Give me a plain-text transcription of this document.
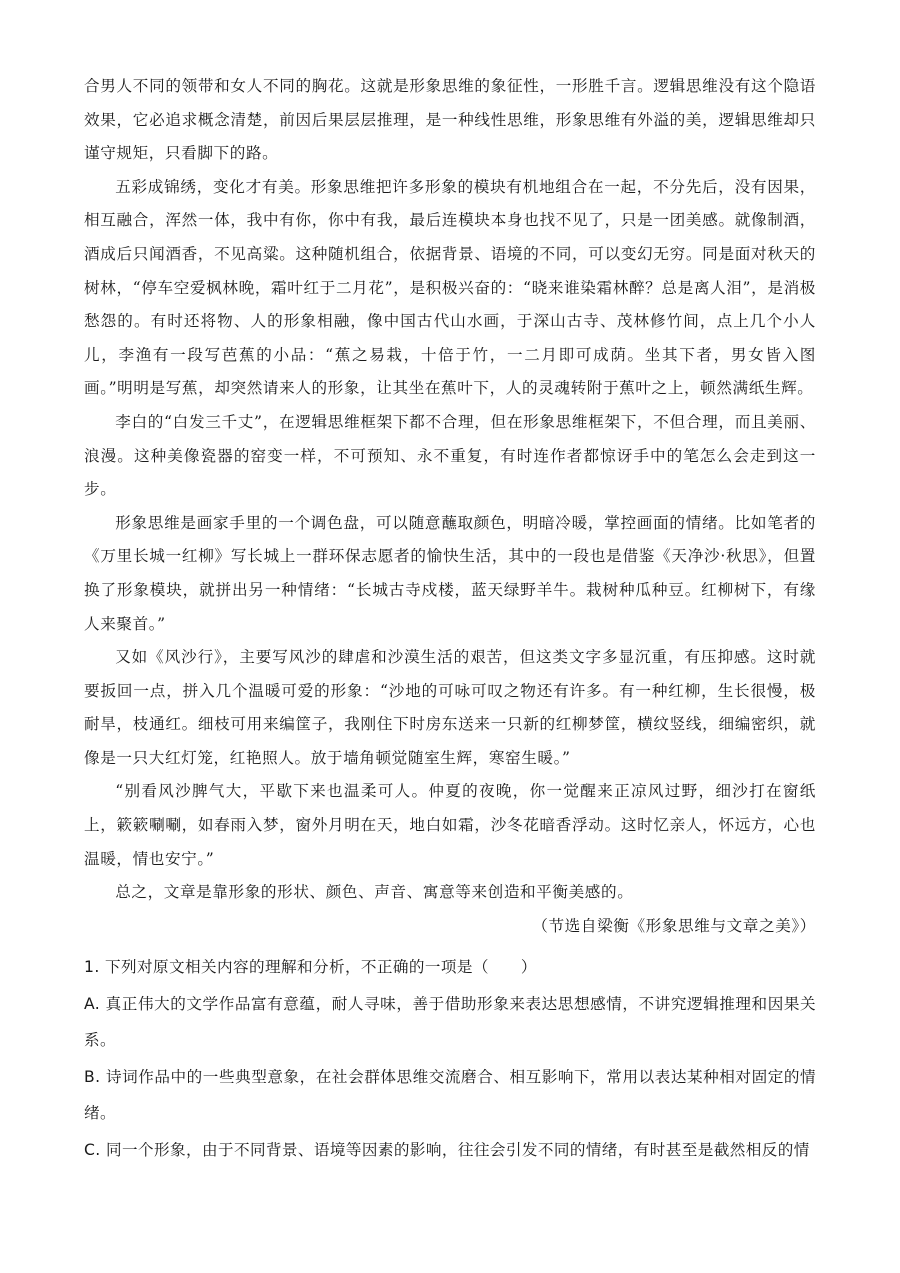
合男人不同的领带和女人不同的胸花。这就是形象思维的象征性，一形胜千言。逻辑思维没有这个隐语效果，它必追求概念清楚，前因后果层层推理，是一种线性思维，形象思维有外溢的美，逻辑思维却只谨守规矩，只看脚下的路。

五彩成锦绣，变化才有美。形象思维把许多形象的模块有机地组合在一起，不分先后，没有因果，相互融合，浑然一体，我中有你，你中有我，最后连模块本身也找不见了，只是一团美感。就像制酒，酒成后只闻酒香，不见高粱。这种随机组合，依据背景、语境的不同，可以变幻无穷。同是面对秋天的树林，“停车空爱枫林晚，霜叶红于二月花”，是积极兴奋的：“晓来谁染霜林醉？总是离人泪”，是消极愁怨的。有时还将物、人的形象相融，像中国古代山水画，于深山古寺、茂林修竹间，点上几个小人儿，李渔有一段写芭蕉的小品：“蕉之易栽，十倍于竹，一二月即可成荫。坐其下者，男女皆入图画。”明明是写蕉，却突然请来人的形象，让其坐在蕉叶下，人的灵魂转附于蕉叶之上，顿然满纸生辉。

李白的“白发三千丈”，在逻辑思维框架下都不合理，但在形象思维框架下，不但合理，而且美丽、浪漫。这种美像瓷器的窑变一样，不可预知、永不重复，有时连作者都惊讶手中的笔怎么会走到这一步。

形象思维是画家手里的一个调色盘，可以随意蘸取颜色，明暗冷暖，掌控画面的情绪。比如笔者的《万里长城一红柳》写长城上一群环保志愿者的愉快生活，其中的一段也是借鉴《天净沙·秋思》，但置换了形象模块，就拼出另一种情绪：“长城古寺戍楼，蓝天绿野羊牛。栽树种瓜种豆。红柳树下，有缘人来聚首。”

又如《风沙行》，主要写风沙的肆虐和沙漠生活的艰苦，但这类文字多显沉重，有压抑感。这时就要扳回一点，拼入几个温暖可爱的形象：“沙地的可咏可叹之物还有许多。有一种红柳，生长很慢，极耐旱，枝通红。细枝可用来编筐子，我刚住下时房东送来一只新的红柳梦筐，横纹竖线，细编密织，就像是一只大红灯笼，红艳照人。放于墙角顿觉随室生辉，寒窑生暖。”

“别看风沙脾气大，平歇下来也温柔可人。仲夏的夜晚，你一觉醒来正凉风过野，细沙打在窗纸上，簌簌唰唰，如春雨入梦，窗外月明在天，地白如霜，沙冬花暗香浮动。这时忆亲人，怀远方，心也温暖，情也安宁。”

总之，文章是靠形象的形状、颜色、声音、寓意等来创造和平衡美感的。

（节选自梁衡《形象思维与文章之美》）

1. 下列对原文相关内容的理解和分析，不正确的一项是（　　）

A. 真正伟大的文学作品富有意蕴，耐人寻味，善于借助形象来表达思想感情，不讲究逻辑推理和因果关系。

B. 诗词作品中的一些典型意象，在社会群体思维交流磨合、相互影响下，常用以表达某种相对固定的情绪。

C. 同一个形象，由于不同背景、语境等因素的影响，往往会引发不同的情绪，有时甚至是截然相反的情
